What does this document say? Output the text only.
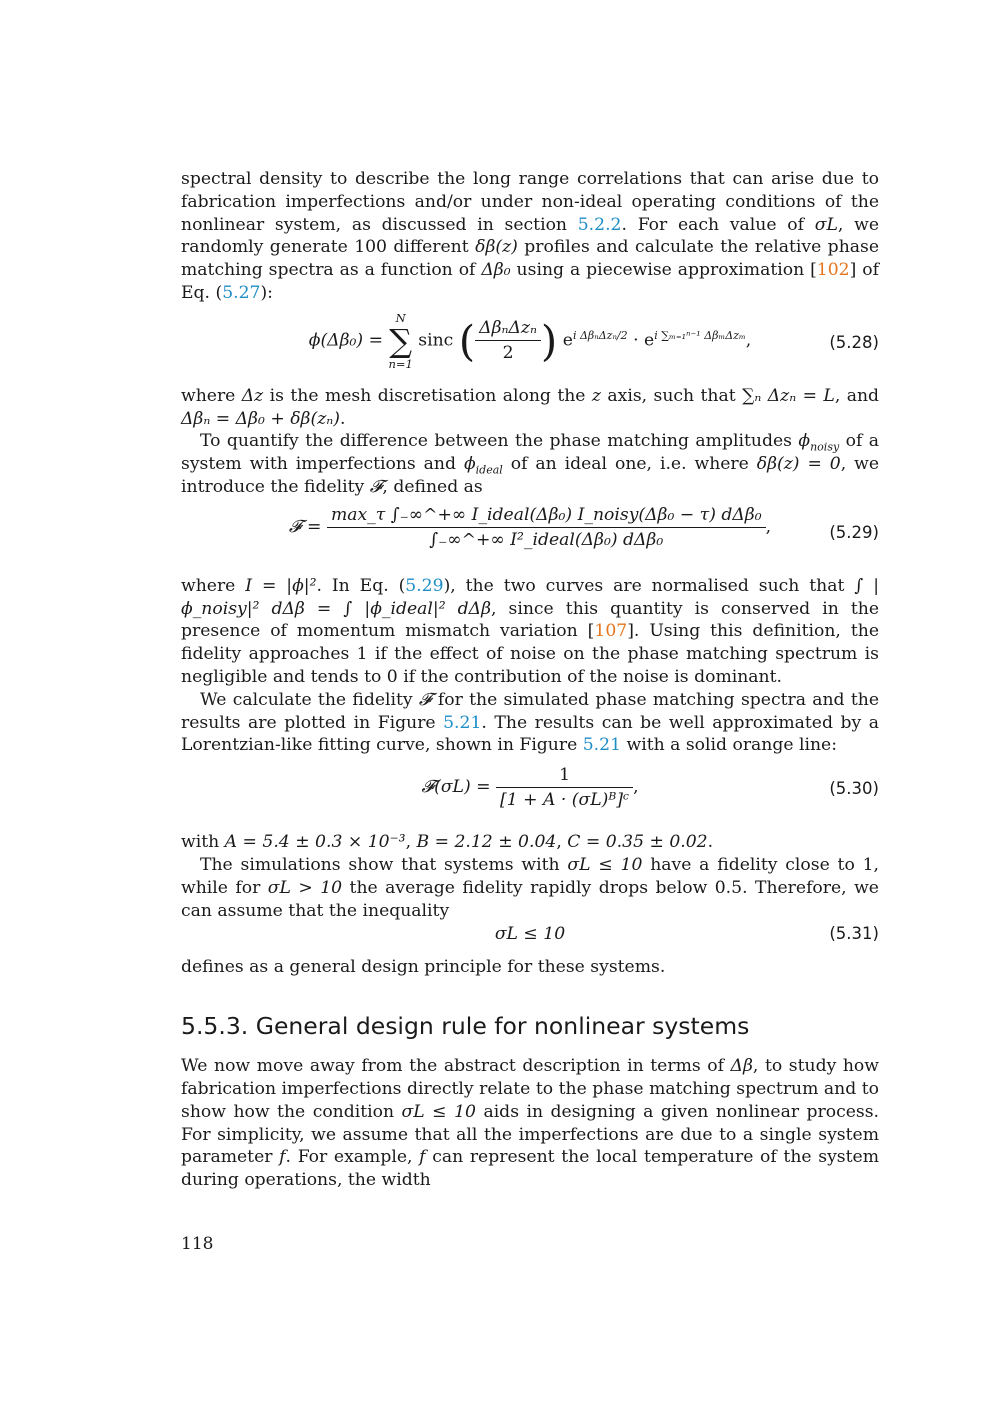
spectral density to describe the long range correlations that can arise due to fabrication imperfections and/or under non-ideal operating conditions of the nonlinear system, as discussed in section 5.2.2. For each value of σL, we randomly generate 100 different δβ(z) profiles and calculate the relative phase matching spectra as a function of Δβ₀ using a piecewise approximation [102] of Eq. (5.27):

ϕ(Δβ₀) =
N
∑
n=1
sinc ( $\frac{\text{ΔβₙΔzₙ}}{2}$ ) $e^{i \Delta\beta_n\Delta z_n/2} \cdot e^{i \sum_{m=1}^{n-1} \Delta\beta_m\Delta z_m}$,	(5.28)

where Δz is the mesh discretisation along the z axis, such that ∑ₙ Δzₙ = L, and Δβₙ = Δβ₀ + δβ(zₙ).

To quantify the difference between the phase matching amplitudes $\phi_{noisy}$ of a system with imperfections and $\phi_{ideal}$ of an ideal one, i.e. where δβ(z) = 0, we introduce the fidelity 𝓕, defined as

𝓕 = $\frac{\text{max\_τ ∫₋∞\textasciicircum{}+∞ I\_ideal(Δβ₀) I\_noisy(Δβ₀ − τ) dΔβ₀}}{\text{∫₋∞\textasciicircum{}+∞ I²\_ideal(Δβ₀) dΔβ₀}}$ ,	(5.29)

where I = |ϕ|². In Eq. (5.29), the two curves are normalised such that ∫ |ϕ_noisy|² dΔβ = ∫ |ϕ_ideal|² dΔβ, since this quantity is conserved in the presence of momentum mismatch variation [107]. Using this definition, the fidelity approaches 1 if the effect of noise on the phase matching spectrum is negligible and tends to 0 if the contribution of the noise is dominant.

We calculate the fidelity 𝓕 for the simulated phase matching spectra and the results are plotted in Figure 5.21. The results can be well approximated by a Lorentzian-like fitting curve, shown in Figure 5.21 with a solid orange line:

𝓕(σL) = $\frac{1}{\text{[1 + A · (σL)ᴮ]ᶜ}}$ ,	(5.30)

with A = 5.4 ± 0.3 × 10⁻³, B = 2.12 ± 0.04, C = 0.35 ± 0.02.

The simulations show that systems with σL ≤ 10 have a fidelity close to 1, while for σL > 10 the average fidelity rapidly drops below 0.5. Therefore, we can assume that the inequality

σL ≤ 10	(5.31)

defines as a general design principle for these systems.

5.5.3. General design rule for nonlinear systems

We now move away from the abstract description in terms of Δβ, to study how fabrication imperfections directly relate to the phase matching spectrum and to show how the condition σL ≤ 10 aids in designing a given nonlinear process. For simplicity, we assume that all the imperfections are due to a single system parameter f. For example, f can represent the local temperature of the system during operations, the width

118
